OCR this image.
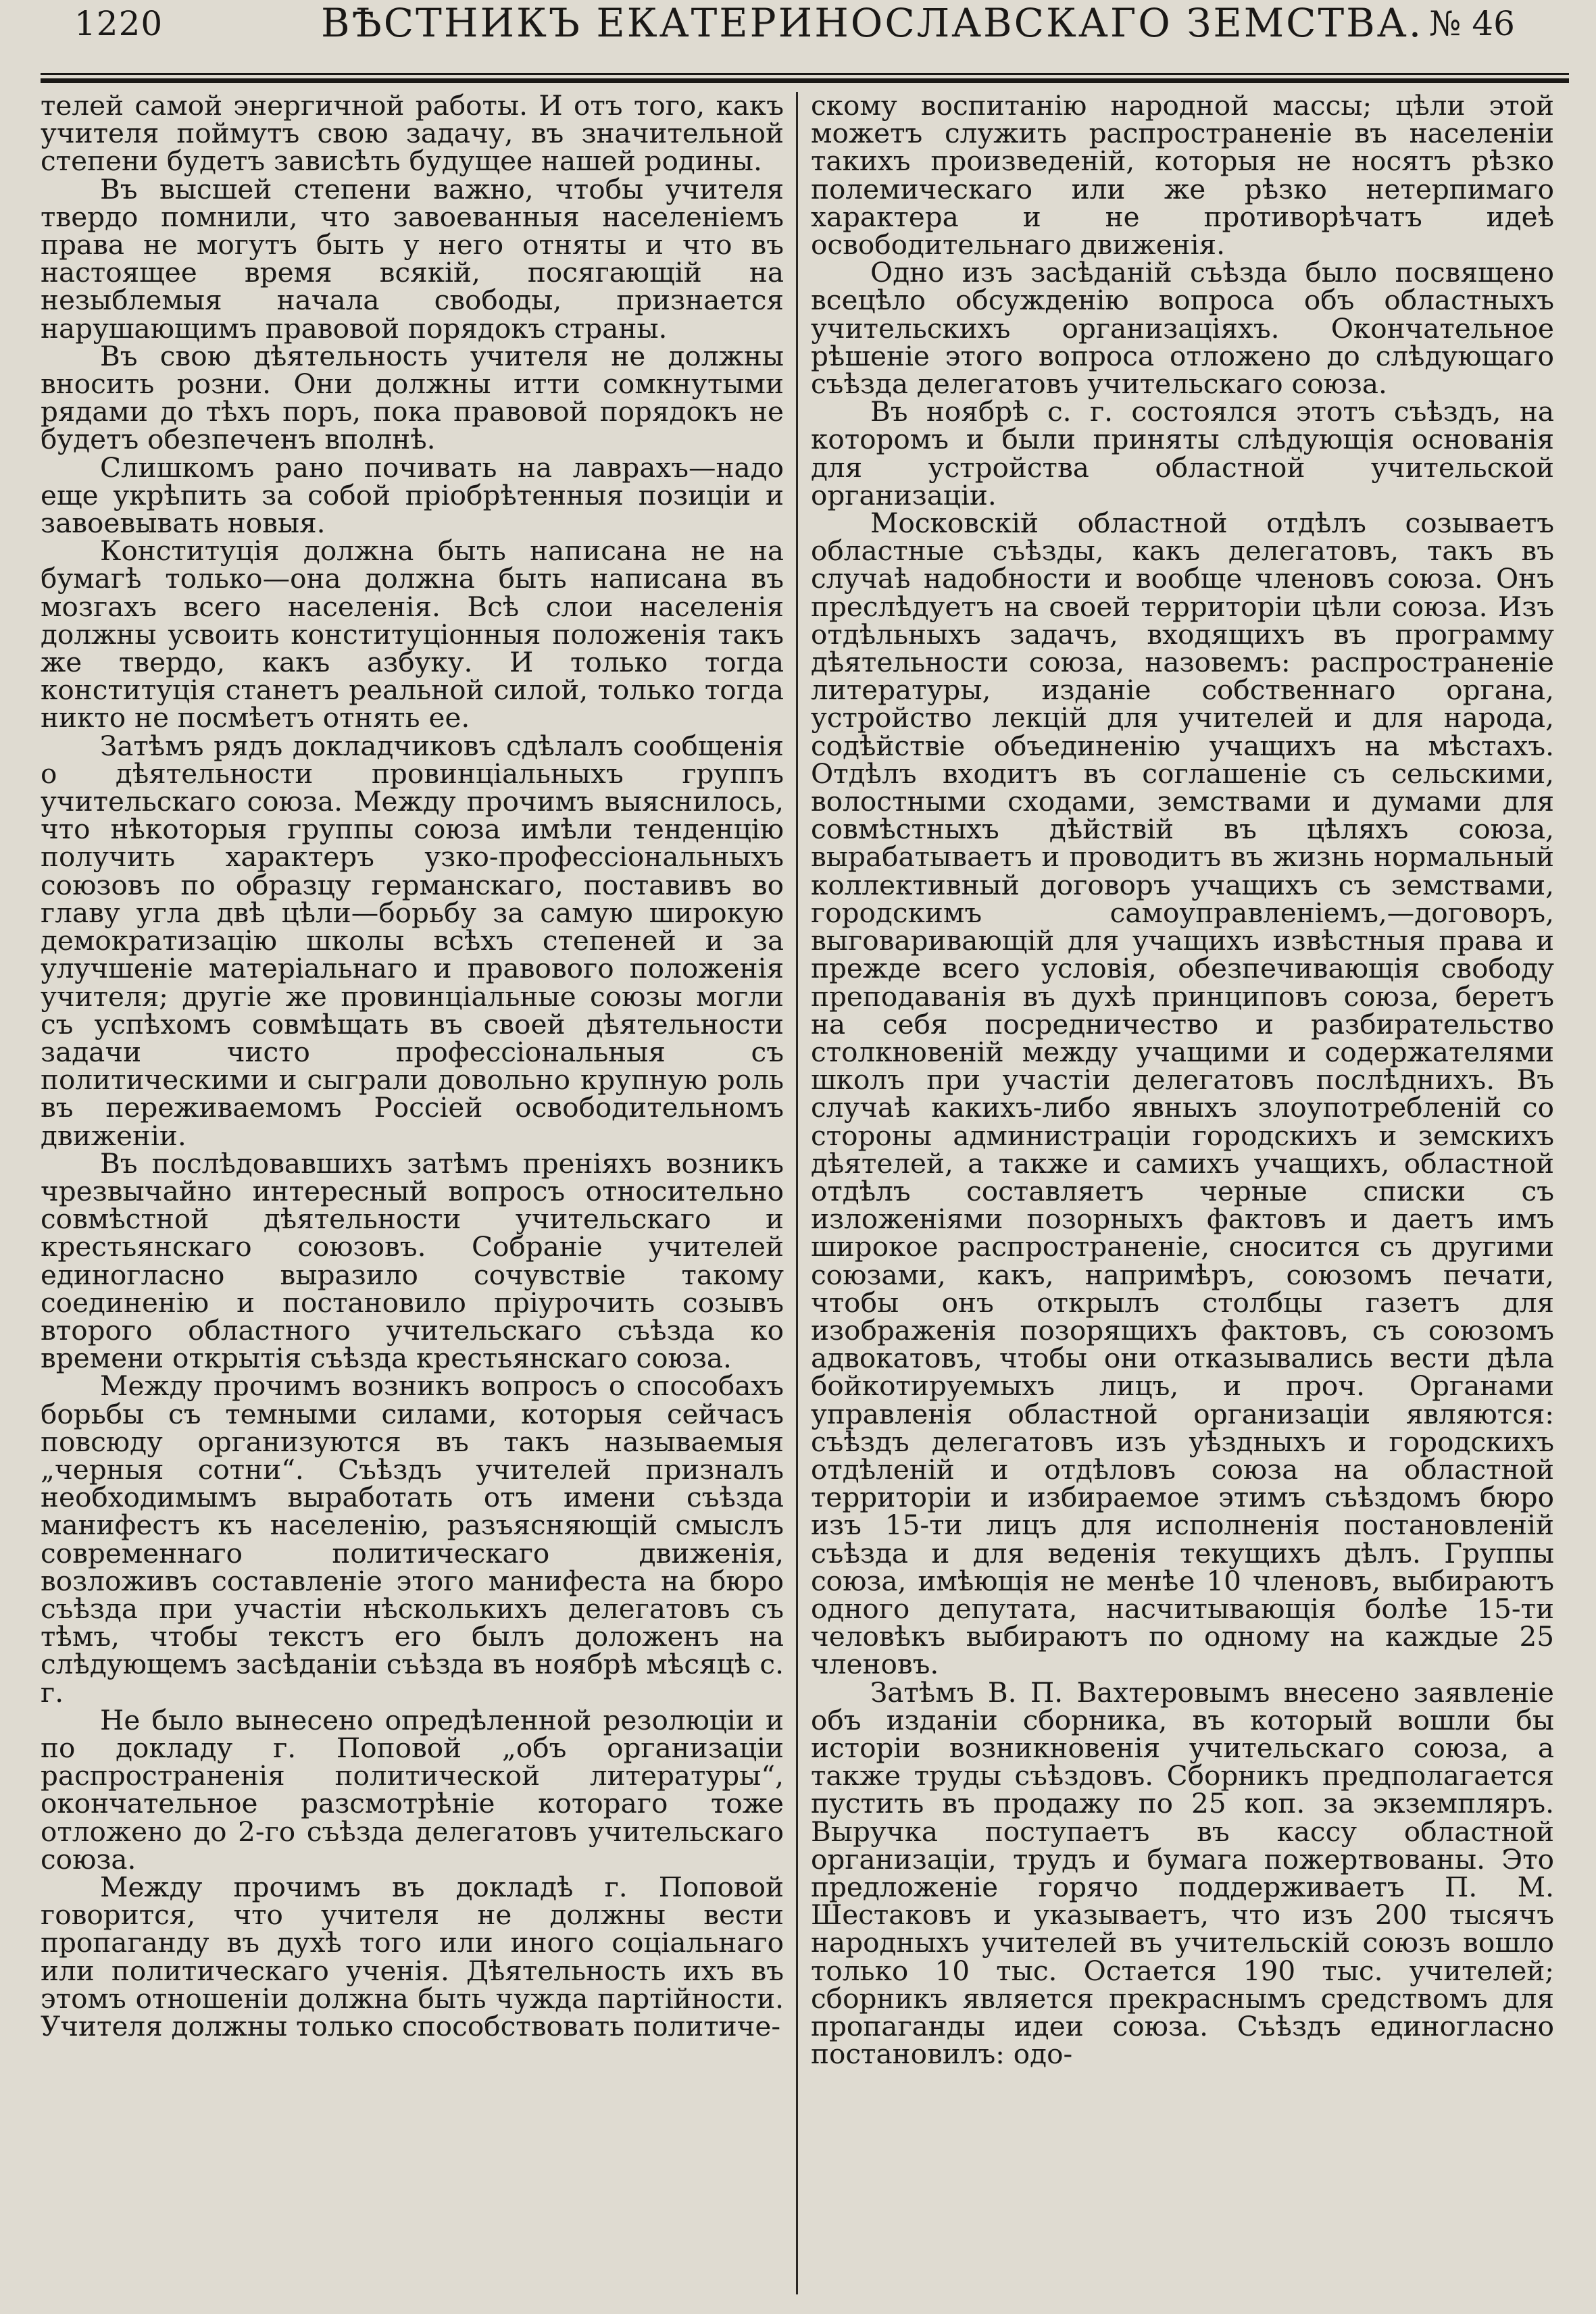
1220	ВѢСТНИКЪ ЕКАТЕРИНОСЛАВСКАГО ЗЕМСТВА. № 46

телей самой энергичной работы. И отъ того, какъ учителя поймутъ свою задачу, въ значительной степени будетъ зависѣть будущее нашей родины.

Въ высшей степени важно, чтобы учителя твердо помнили, что завоеванныя населеніемъ права не могутъ быть у него отняты и что въ настоящее время всякій, посягающій на незыблемыя начала свободы, признается нарушающимъ правовой порядокъ страны.

Въ свою дѣятельность учителя не должны вносить розни. Они должны итти сомкнутыми рядами до тѣхъ поръ, пока правовой порядокъ не будетъ обезпеченъ вполнѣ.

Слишкомъ рано почивать на лаврахъ—надо еще укрѣпить за собой пріобрѣтенныя позиціи и завоевывать новыя.

Конституція должна быть написана не на бумагѣ только—она должна быть написана въ мозгахъ всего населенія. Всѣ слои населенія должны усвоить конституціонныя положенія такъ же твердо, какъ азбуку. И только тогда конституція станетъ реальной силой, только тогда никто не посмѣетъ отнять ее.

Затѣмъ рядъ докладчиковъ сдѣлалъ сообщенія о дѣятельности провинціальныхъ группъ учительскаго союза. Между прочимъ выяснилось, что нѣкоторыя группы союза имѣли тенденцію получить характеръ узко-профессіональныхъ союзовъ по образцу германскаго, поставивъ во главу угла двѣ цѣли—борьбу за самую широкую демократизацію школы всѣхъ степеней и за улучшеніе матеріальнаго и правового положенія учителя; другіе же провинціальные союзы могли съ успѣхомъ совмѣщать въ своей дѣятельности задачи чисто профессіональныя съ политическими и сыграли довольно крупную роль въ переживаемомъ Россіей освободительномъ движеніи.

Въ послѣдовавшихъ затѣмъ преніяхъ возникъ чрезвычайно интересный вопросъ относительно совмѣстной дѣятельности учительскаго и крестьянскаго союзовъ. Собраніе учителей единогласно выразило сочувствіе такому соединенію и постановило пріурочить созывъ второго областного учительскаго съѣзда ко времени открытія съѣзда крестьянскаго союза.

Между прочимъ возникъ вопросъ о способахъ борьбы съ темными силами, которыя сейчасъ повсюду организуются въ такъ называемыя „черныя сотни“. Съѣздъ учителей призналъ необходимымъ выработать отъ имени съѣзда манифестъ къ населенію, разъясняющій смыслъ современнаго политическаго движенія, возложивъ составленіе этого манифеста на бюро съѣзда при участіи нѣсколькихъ делегатовъ съ тѣмъ, чтобы текстъ его былъ доложенъ на слѣдующемъ засѣданіи съѣзда въ ноябрѣ мѣсяцѣ с. г.

Не было вынесено опредѣленной резолюціи и по докладу г. Поповой „объ организаціи распространенія политической литературы“, окончательное разсмотрѣніе котораго тоже отложено до 2-го съѣзда делегатовъ учительскаго союза.

Между прочимъ въ докладѣ г. Поповой говорится, что учителя не должны вести пропаганду въ духѣ того или иного соціальнаго или политическаго ученія. Дѣятельность ихъ въ этомъ отношеніи должна быть чужда партійности. Учителя должны только способствовать политиче-

скому воспитанію народной массы; цѣли этой можетъ служить распространеніе въ населеніи такихъ произведеній, которыя не носятъ рѣзко полемическаго или же рѣзко нетерпимаго характера и не противорѣчатъ идеѣ освободительнаго движенія.

Одно изъ засѣданій съѣзда было посвящено всецѣло обсужденію вопроса объ областныхъ учительскихъ организаціяхъ. Окончательное рѣшеніе этого вопроса отложено до слѣдующаго съѣзда делегатовъ учительскаго союза.

Въ ноябрѣ с. г. состоялся этотъ съѣздъ, на которомъ и были приняты слѣдующія основанія для устройства областной учительской организаціи.

Московскій областной отдѣлъ созываетъ областные съѣзды, какъ делегатовъ, такъ въ случаѣ надобности и вообще членовъ союза. Онъ преслѣдуетъ на своей территоріи цѣли союза. Изъ отдѣльныхъ задачъ, входящихъ въ программу дѣятельности союза, назовемъ: распространеніе литературы, изданіе собственнаго органа, устройство лекцій для учителей и для народа, содѣйствіе объединенію учащихъ на мѣстахъ. Отдѣлъ входитъ въ соглашеніе съ сельскими, волостными сходами, земствами и думами для совмѣстныхъ дѣйствій въ цѣляхъ союза, выpабатываетъ и проводитъ въ жизнь нормальный коллективный договоръ учащихъ съ земствами, городскимъ самоуправленіемъ,—договоръ, выговаривающій для учащихъ извѣстныя права и прежде всего условія, обезпечивающія свободу преподаванія въ духѣ принциповъ союза, беретъ на себя посредничество и разбирательство столкновеній между учащими и содержателями школъ при участіи делегатовъ послѣднихъ. Въ случаѣ какихъ-либо явныхъ злоупотребленій со стороны администраціи городскихъ и земскихъ дѣятелей, а также и самихъ учащихъ, областной отдѣлъ составляетъ черные списки съ изложеніями позорныхъ фактовъ и даетъ имъ широкое распространеніе, сносится съ другими союзами, какъ, напримѣръ, союзомъ печати, чтобы онъ открылъ столбцы газетъ для изображенія позорящихъ фактовъ, съ союзомъ адвокатовъ, чтобы они отказывались вести дѣла бойкотируемыхъ лицъ, и проч. Органами управленія областной организаціи являются: съѣздъ делегатовъ изъ уѣздныхъ и городскихъ отдѣленій и отдѣловъ союза на областной территоріи и избираемое этимъ съѣздомъ бюро изъ 15-ти лицъ для исполненія постановленій съѣзда и для веденія текущихъ дѣлъ. Группы союза, имѣющія не менѣе 10 членовъ, выбираютъ одного депутата, насчитывающія болѣе 15-ти человѣкъ выбираютъ по одному на каждые 25 членовъ.

Затѣмъ В. П. Вахтеровымъ внесено заявленіе объ изданіи сборника, въ который вошли бы исторіи возникновенія учительскаго союза, а также труды съѣздовъ. Сборникъ предполагается пустить въ продажу по 25 коп. за экземпляръ. Выручка поступаетъ въ кассу областной организаціи, трудъ и бумага пожертвованы. Это предложеніе горячо поддерживаетъ П. М. Шестаковъ и указываетъ, что изъ 200 тысячъ народныхъ учителей въ учительскій союзъ вошло только 10 тыс. Остается 190 тыс. учителей; сборникъ является прекраснымъ средствомъ для пропаганды идеи союза. Съѣздъ единогласно постановилъ: одо-
